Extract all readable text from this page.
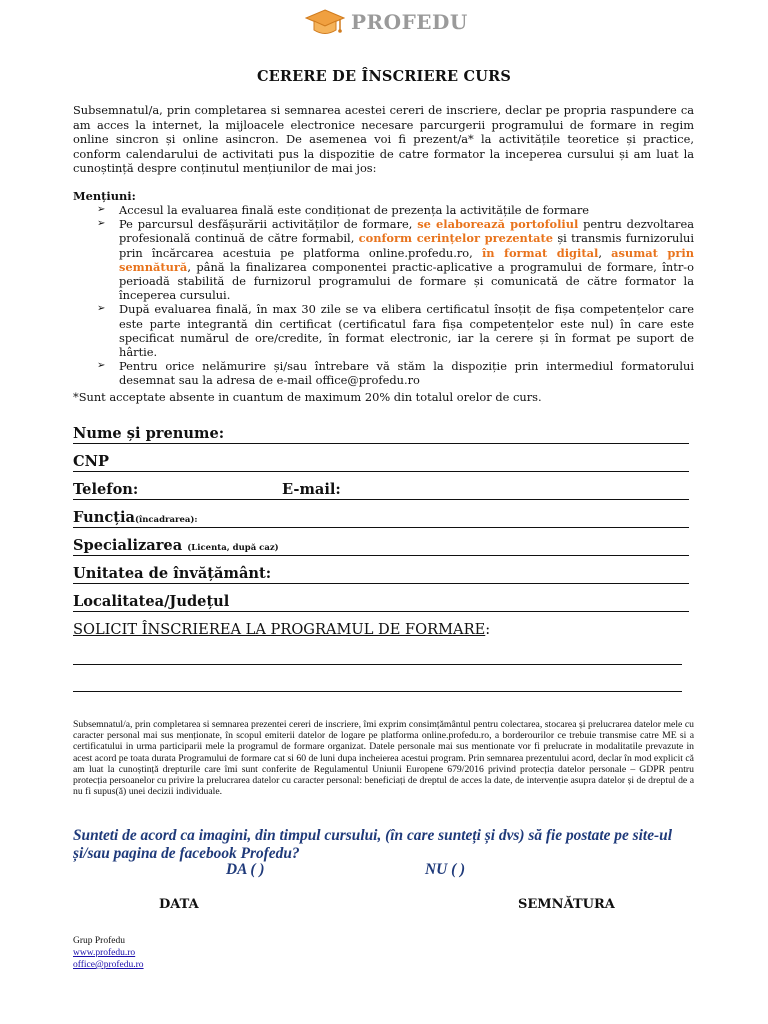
PROFEDU
CERERE DE ÎNSCRIERE CURS
Subsemnatul/a, prin completarea si semnarea acestei cereri de inscriere, declar pe propria raspundere ca am acces la internet, la mijloacele electronice necesare parcurgerii programului de formare in regim online sincron și online asincron. De asemenea voi fi prezent/a* la activitățile teoretice și practice, conform calendarului de activitati pus la dispozitie de catre formator la inceperea cursului și am luat la cunoștință despre conținutul mențiunilor de mai jos:
Mențiuni:
➢ Accesul la evaluarea finală este condiționat de prezența la activitățile de formare
➢ Pe parcursul desfășurării activităților de formare, se elaborează portofoliul pentru dezvoltarea profesională continuă de către formabil, conform cerințelor prezentate și transmis furnizorului prin încărcarea acestuia pe platforma online.profedu.ro, în format digital, asumat prin semnătură, până la finalizarea componentei practic-aplicative a programului de formare, într-o perioadă stabilită de furnizorul programului de formare și comunicată de către formator la începerea cursului.
➢ După evaluarea finală, în max 30 zile se va elibera certificatul însoțit de fișa competențelor care este parte integrantă din certificat (certificatul fara fișa competențelor este nul) în care este specificat numărul de ore/credite, în format electronic, iar la cerere și în format pe suport de hârtie.
➢ Pentru orice nelămurire și/sau întrebare vă stăm la dispoziție prin intermediul formatorului desemnat sau la adresa de e-mail office@profedu.ro
*Sunt acceptate absente in cuantum de maximum 20% din totalul orelor de curs.
Nume și prenume:
CNP
Telefon:	E-mail:
Funcția(încadrarea):
Specializarea (Licenta, după caz)
Unitatea de învățământ:
Localitatea/Județul
SOLICIT ÎNSCRIEREA LA PROGRAMUL DE FORMARE:
Subsemnatul/a, prin completarea si semnarea prezentei cereri de inscriere, îmi exprim consimțământul pentru colectarea, stocarea și prelucrarea datelor mele cu caracter personal mai sus menționate, în scopul emiterii datelor de logare pe platforma online.profedu.ro, a borderourilor ce trebuie transmise catre ME si a certificatului in urma participarii mele la programul de formare organizat. Datele personale mai sus mentionate vor fi prelucrate in modalitatile prevazute in acest acord pe toata durata Programului de formare cat si 60 de luni dupa incheierea acestui program. Prin semnarea prezentului acord, declar în mod explicit că am luat la cunoștință drepturile care îmi sunt conferite de Regulamentul Uniunii Europene 679/2016 privind protecția datelor personale – GDPR pentru protecția persoanelor cu privire la prelucrarea datelor cu caracter personal: beneficiați de dreptul de acces la date, de intervenție asupra datelor și de dreptul de a nu fi supus(ă) unei decizii individuale.
Sunteti de acord ca imagini, din timpul cursului, (în care sunteți și dvs) să fie postate pe site-ul și/sau pagina de facebook Profedu?
DA ( )	NU ( )
DATA	SEMNĂTURA
Grup Profedu
www.profedu.ro
office@profedu.ro
